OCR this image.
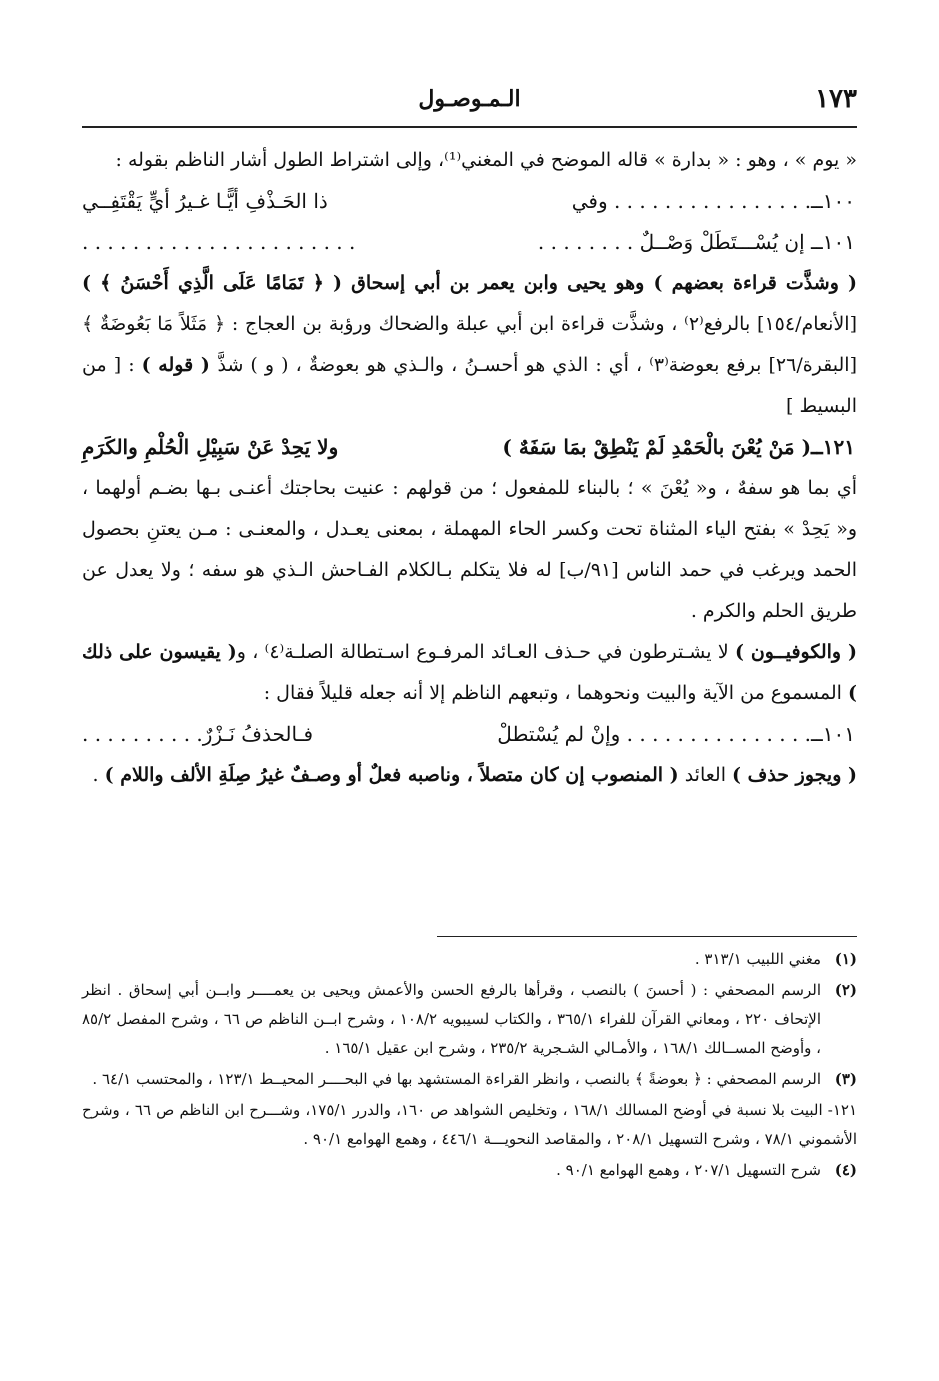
١٧٣
الـمـوصـول

« يوم » ، وهو : « بدارة » قاله الموضح في المغني⁽¹⁾، وإلى اشتراط الطول أشار الناظم بقوله :

١٠٠ــ. . . . . . . . . . . . . . . . وفي
ذا الحَـذْفِ أيًّـا غـيرُ أيٍّ يَقْتَفِــي
١٠١ــ إن يُسْـــتَطَلْ وَصْــلٌ . . . . . . . .
. . . . . . . . . . . . . . . . . . . . . .

( وشذَّت قراءة بعضهم ) وهو يحيى وابن يعمر بن أبي إسحاق ( ﴿ تَمَامًا عَلَى الَّذِي أَحْسَنُ ﴾ ) [الأنعام/١٥٤] بالرفع⁽٢⁾ ، وشذَّت قراءة ابن أبي عبلة والضحاك ورؤبة بن العجاج : ﴿ مَثَلاً مَا بَعُوضَةٌ ﴾ [البقرة/٢٦] برفع بعوضة⁽٣⁾ ، أي : الذي هو أحسـنُ ، والـذي هو بعوضةٌ ، ( و ) شذَّ ( قوله ) : [ من البسيط ]

١٢١ــ( مَنْ يُعْنَ بالْحَمْدِ لَمْ يَنْطِقْ بمَا سَفَهٌ )
ولا يَحِدْ عَنْ سَبِيْلِ الْحُلْمِ والكَرَمِ

أي بما هو سفهٌ ، و« يُعْنَ » ؛ بالبناء للمفعول ؛ من قولهم : عنيت بحاجتك أعنـى بـها بضـم أولهما ، و« يَحِدْ » بفتح الياء المثناة تحت وكسر الحاء المهملة ، بمعنى يعـدل ، والمعنـى : مـن يعتنِ بحصول الحمد ويرغب في حمد الناس [٩١/ب] له فلا يتكلم بـالكلام الفـاحش الـذي هو سفه ؛ ولا يعدل عن طريق الحلم والكرم .

( والكوفيــون ) لا يشـترطون في حـذف العـائد المرفـوع اسـتطالة الصلـة⁽٤⁾ ، و( يقيسون على ذلك ) المسموع من الآية والبيت ونحوهما ، وتبعهم الناظم إلا أنه جعله قليلاً فقال :

١٠١ــ. . . . . . . . . . . . . . . وإنْ لم يُسْتطلْ
فـالحذفُ نَـزْرٌ. . . . . . . . . .

( ويجوز حذف ) العائد ( المنصوب إن كان متصلاً ، وناصبه فعلٌ أو وصـفٌ غيرُ صِلَةِ الألف واللام ) .

(١)
مغني اللبيب ٣١٣/١ .
(٢)
الرسم المصحفي : ( أحسنَ ) بالنصب ، وقرأها بالرفع الحسن والأعمش ويحيى بن يعمــــر وابــن أبي إسحاق . انظر الإتحاف ٢٢٠ ، ومعاني القرآن للفراء ٣٦٥/١ ، والكتاب لسيبويه ١٠٨/٢ ، وشرح ابــن الناظم ص ٦٦ ، وشرح المفصل ٨٥/٢ ، وأوضح المســالك ١٦٨/١ ، والأمـالي الشـجرية ٢٣٥/٢ ، وشرح ابن عقيل ١٦٥/١ .
(٣)
الرسم المصحفي : ﴿ بعوضةً ﴾ بالنصب ، وانظر القراءة المستشهد بها في البحــــر المحيــط ١٢٣/١ ، والمحتسب ٦٤/١ .
١٢١- البيت بلا نسبة في أوضح المسالك ١٦٨/١ ، وتخليص الشواهد ص ١٦٠، والدرر ١٧٥/١، وشـــرح ابن الناظم ص ٦٦ ، وشرح الأشموني ٧٨/١ ، وشرح التسهيل ٢٠٨/١ ، والمقاصد النحويـــة ٤٤٦/١ ، وهمع الهوامع ٩٠/١ .
(٤)
شرح التسهيل ٢٠٧/١ ، وهمع الهوامع ٩٠/١ .
